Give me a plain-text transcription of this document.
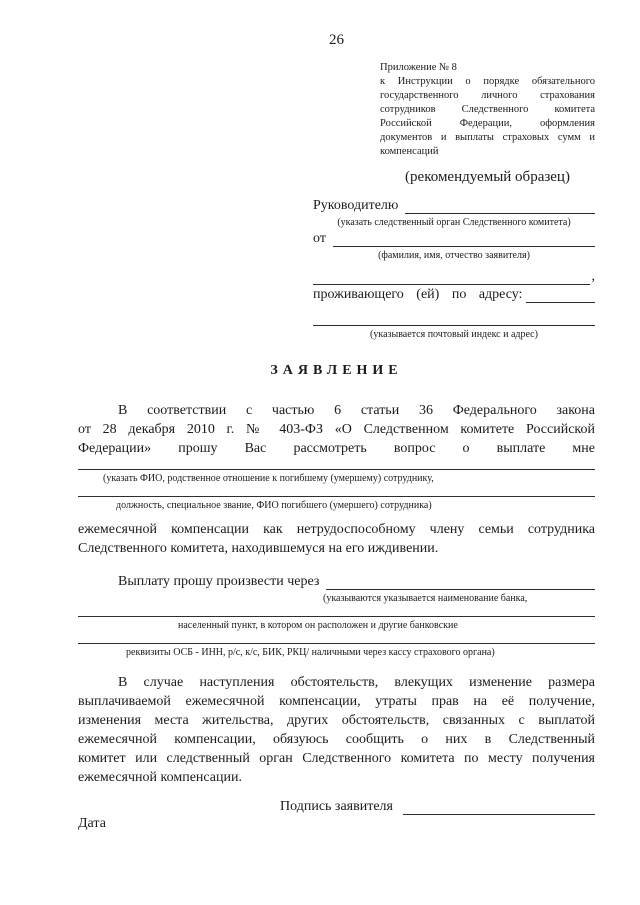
26
Приложение № 8
к Инструкции о порядке обязательного государственного личного страхования сотрудников Следственного комитета Российской Федерации, оформления документов и выплаты страховых сумм и компенсаций
(рекомендуемый образец)
Руководителю
(указать следственный орган Следственного комитета)
от
(фамилия, имя, отчество заявителя)
,
проживающего (ей) по адресу:
(указывается почтовый индекс и адрес)
ЗАЯВЛЕНИЕ
В соответствии с частью 6 статьи 36 Федерального закона
от 28 декабря 2010 г. № 403-ФЗ «О Следственном комитете Российской
Федерации» прошу Вас рассмотреть вопрос о выплате мне
(указать ФИО, родственное отношение к погибшему (умершему) сотруднику,
должность, специальное звание, ФИО погибшего (умершего) сотрудника)
ежемесячной компенсации как нетрудоспособному члену семьи сотрудника
Следственного комитета, находившемуся на его иждивении.
Выплату прошу произвести через
(указываются указывается наименование банка,
населенный пункт, в котором он расположен и другие банковские
реквизиты ОСБ - ИНН, р/с, к/с, БИК, РКЦ/ наличными через кассу страхового органа)
В случае наступления обстоятельств, влекущих изменение размера
выплачиваемой ежемесячной компенсации, утраты прав на её получение,
изменения места жительства, других обстоятельств, связанных с выплатой
ежемесячной компенсации, обязуюсь сообщить о них в Следственный
комитет или следственный орган Следственного комитета по месту получения
ежемесячной компенсации.
Подпись заявителя
Дата
